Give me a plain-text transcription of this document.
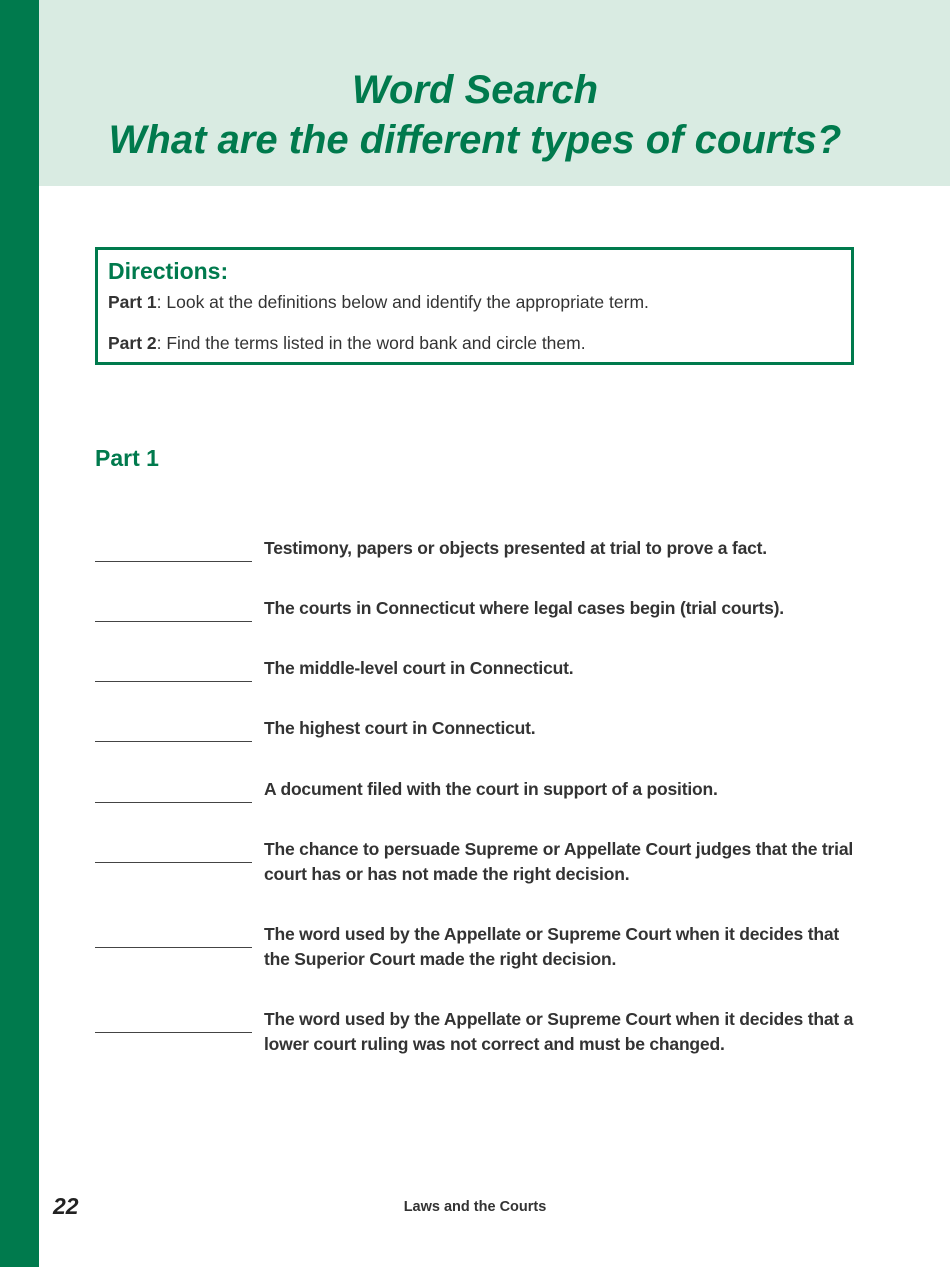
Word Search
What are the different types of courts?
Directions:

Part 1: Look at the definitions below and identify the appropriate term.

Part 2: Find the terms listed in the word bank and circle them.

Part 1

Testimony, papers or objects presented at trial to prove a fact.

The courts in Connecticut where legal cases begin (trial courts).

The middle-level court in Connecticut.

The highest court in Connecticut.

A document filed with the court in support of a position.

The chance to persuade Supreme or Appellate Court judges that the trial court has or has not made the right decision.

The word used by the Appellate or Supreme Court when it decides that the Superior Court made the right decision.

The word used by the Appellate or Supreme Court when it decides that a lower court ruling was not correct and must be changed.

22	Laws and the Courts
